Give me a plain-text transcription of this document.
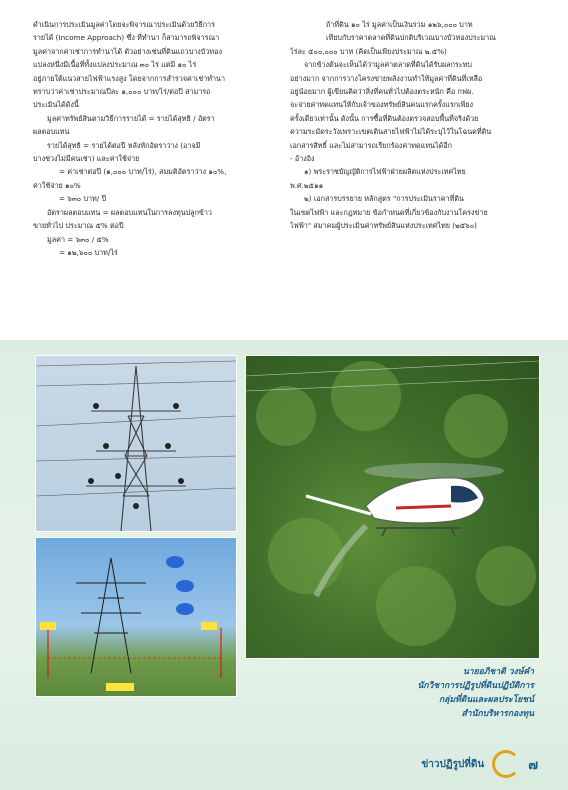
ดำเนินการประเมินมูลค่าโดยจะพิจารณาประเมินด้วยวิธีการ

รายได้ (Income Approach) ซึ่ง ที่ทำนา ก็สามารถพิจารณา

มูลค่าจากค่าเช่าการทำนาได้ ตัวอย่างเช่นที่ดินแถวบางบัวทอง

แปลงหนึ่งมีเนื้อที่ทั้งแปลงประมาณ ๓๐ ไร่ แต่มี ๑๐ ไร่

อยู่ภายใต้แนวสายไฟฟ้าแรงสูง โดยจากการสำรวจค่าเช่าทำนา

ทราบว่าค่าเช่าประมาณปีละ ๑,๐๐๐ บาท/ไร่/ต่อปี สามารถ

ประเมินได้ดังนี้

มูลค่าทรัพย์สินตามวิธีการรายได้ = รายได้สุทธิ / อัตรา

ผลตอบแทน

รายได้สุทธิ = รายได้ต่อปี หลังหักอัตราว่าง (อาจมี

บางช่วงไม่มีคนเช่า) และค่าใช้จ่าย

= ค่าเช่าต่อปี (๑,๐๐๐ บาท/ไร่), สมมติอัตราว่าง ๑๐%,

ค่าใช้จ่าย ๑๐%

= ๖๓๐ บาท/ ปี

อัตราผลตอบแทน = ผลตอบแทนในการลงทุนปลูกข้าว

ขายทั่วไป ประมาณ ๕% ต่อปี

มูลค่า = ๖๓๐ / ๕%

= ๑๒,๖๐๐ บาท/ไร่

ถ้าที่ดิน ๑๐ ไร่ มูลค่าเป็นเงินรวม ๑๒๖,๐๐๐ บาท

เทียบกับราคาตลาดที่ดินปกติบริเวณบางบัวทองประมาณ

ไร่ละ ๕๐๐,๐๐๐ บาท (คิดเป็นเพียงประมาณ ๒.๕%)

จากข้างต้นจะเห็นได้ว่ามูลค่าตลาดที่ดินได้รับผลกระทบ

อย่างมาก จากการวางโครงข่ายพลังงานทำให้มูลค่าที่ดินที่เหลือ

อยู่น้อยมาก ผู้เขียนคิดว่าสิ่งที่คนทั่วไปต้องตระหนัก คือ กฟผ.

จะจ่ายค่าทดแทนให้กับเจ้าของทรัพย์สินคนแรกครั้งแรกเพียง

ครั้งเดียวเท่านั้น ดังนั้น การซื้อที่ดินต้องตรวจสอบพื้นที่จริงด้วย

ความระมัดระวังเพราะเขตเดินสายไฟฟ้าไม่ได้ระบุไว้ในโฉนดที่ดิน

เอกสารสิทธิ์ และไม่สามารถเรียกร้องค่าทดแทนได้อีก

- อ้างอิง

๑) พระราชบัญญัติการไฟฟ้าฝ่ายผลิตแห่งประเทศไทย

พ.ศ.๒๕๑๑

๒) เอกสารบรรยาย หลักสูตร "การประเมินราคาที่ดิน

ในเขตไฟฟ้า และกฎหมาย ข้อกำหนดที่เกี่ยวข้องกับงานโครงข่าย

ไฟฟ้า" สมาคมผู้ประเมินค่าทรัพย์สินแห่งประเทศไทย (๒๕๖๐)

นายอภิชาติ วงษ์คำ

นักวิชาการปฏิรูปที่ดินปฏิบัติการ

กลุ่มที่ดินและผลประโยชน์

สำนักบริหารกองทุน

ข่าวปฏิรูปที่ดิน	๗
